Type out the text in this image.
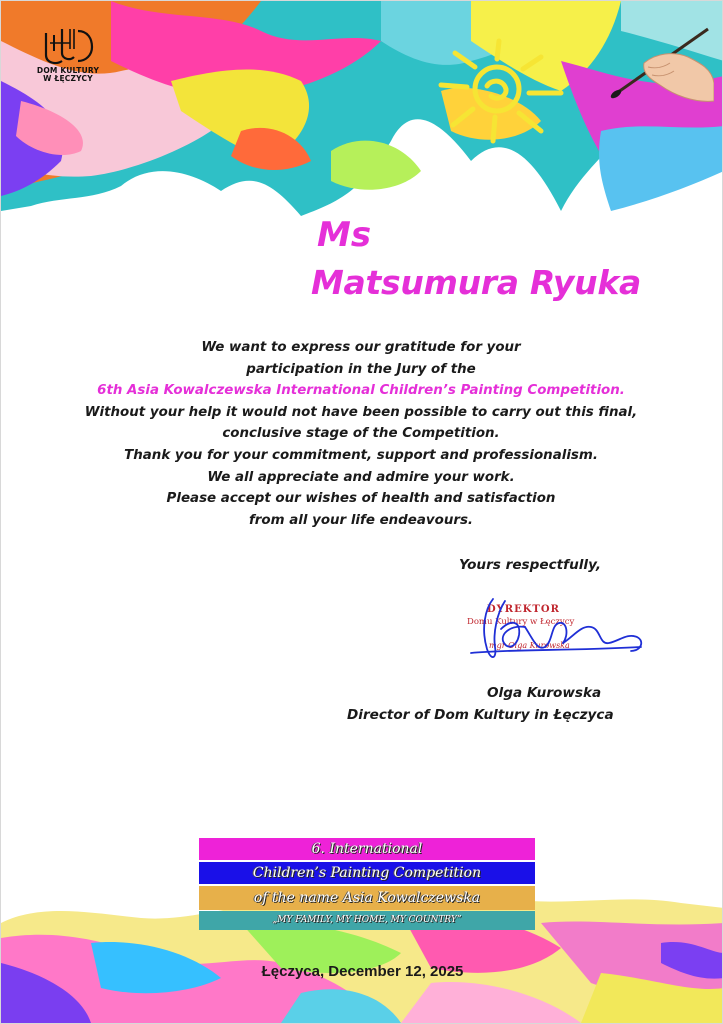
DOM KULTURY
W ŁĘCZYCY
Ms
Matsumura Ryuka
We want to express our gratitude for your
participation in the Jury of the
6th Asia Kowalczewska International Children’s Painting Competition.
Without your help it would not have been possible to carry out this final,
conclusive stage of the Competition.
Thank you for your commitment, support and professionalism.
We all appreciate and admire your work.
Please accept our wishes of health and satisfaction
from all your life endeavours.
Yours respectfully,
DYREKTOR
Domu Kultury w Łęczycy
mgr Olga Kurowska
Olga Kurowska
Director of Dom Kultury in Łęczyca
6. International
Children’s Painting Competition
of the name Asia Kowalczewska
„MY FAMILY, MY HOME, MY COUNTRY”
Łęczyca, December 12, 2025
